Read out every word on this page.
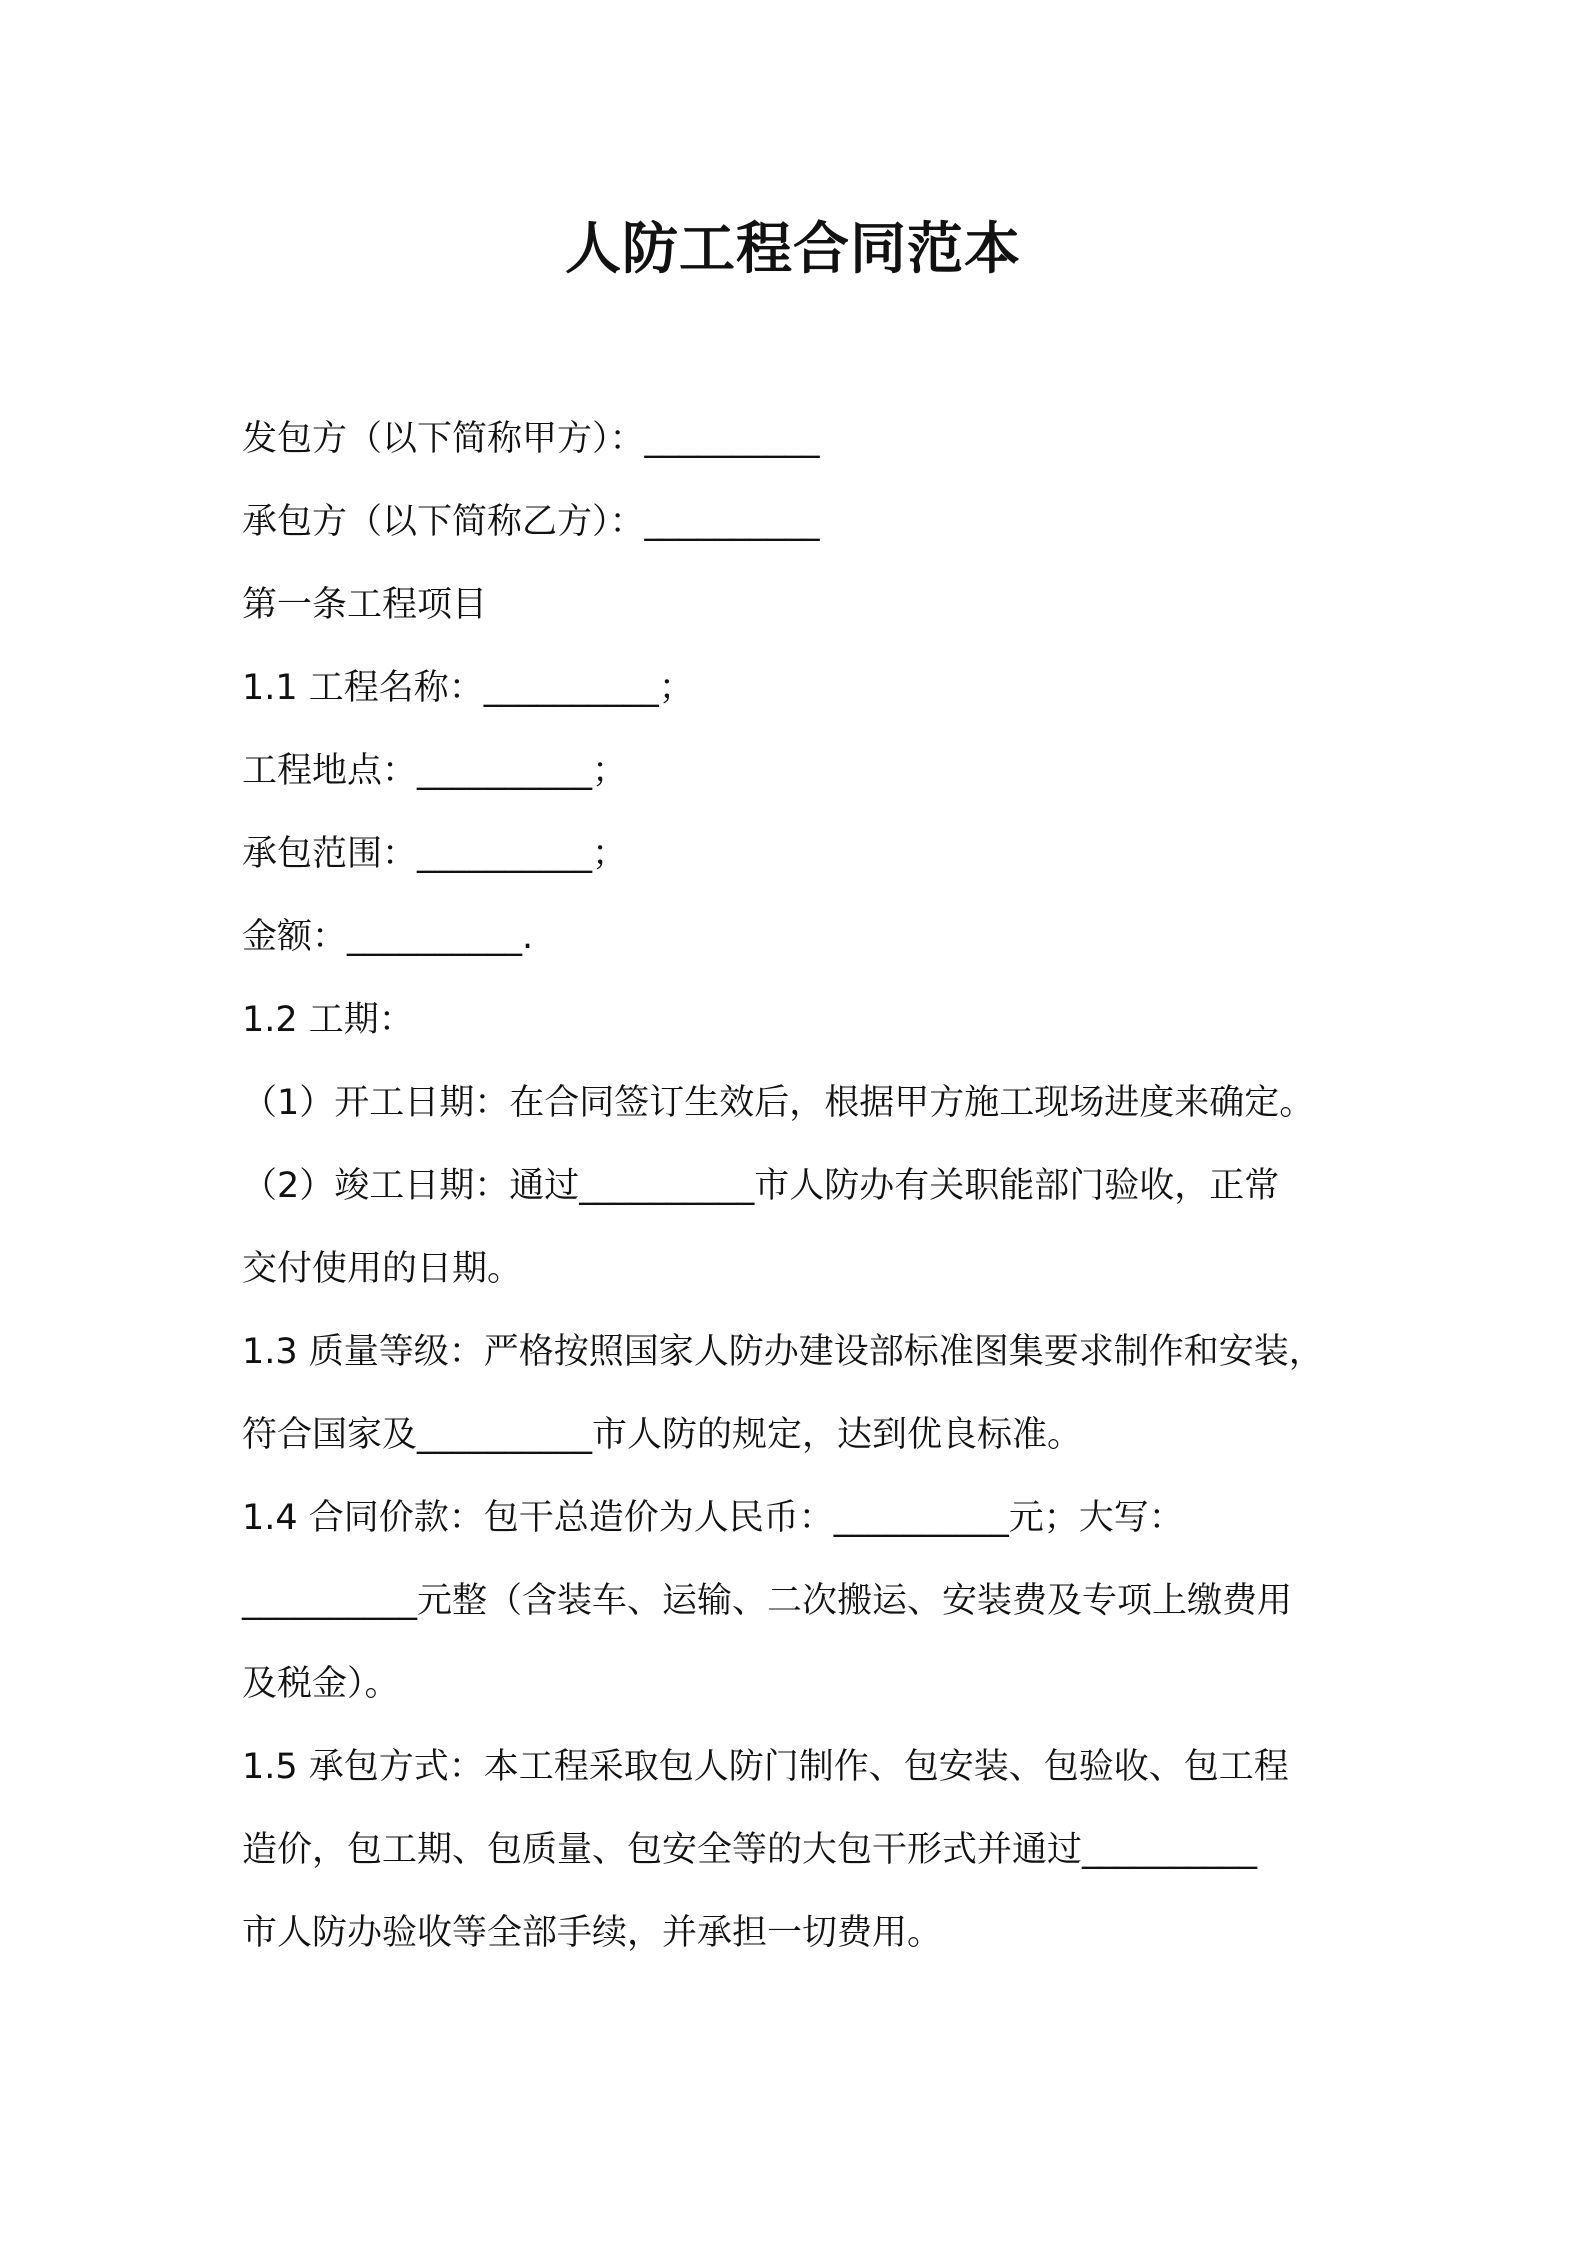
人防工程合同范本
发包方（以下简称甲方）：__________
承包方（以下简称乙方）：__________
第一条工程项目
1.1 工程名称：__________；
工程地点：__________；
承包范围：__________；
金额：__________.
1.2 工期：
（1）开工日期：在合同签订生效后，根据甲方施工现场进度来确定。
（2）竣工日期：通过__________市人防办有关职能部门验收，正常
交付使用的日期。
1.3 质量等级：严格按照国家人防办建设部标准图集要求制作和安装，
符合国家及__________市人防的规定，达到优良标准。
1.4 合同价款：包干总造价为人民币：__________元；大写：
__________元整（含装车、运输、二次搬运、安装费及专项上缴费用
及税金）。
1.5 承包方式：本工程采取包人防门制作、包安装、包验收、包工程
造价，包工期、包质量、包安全等的大包干形式并通过__________
市人防办验收等全部手续，并承担一切费用。
